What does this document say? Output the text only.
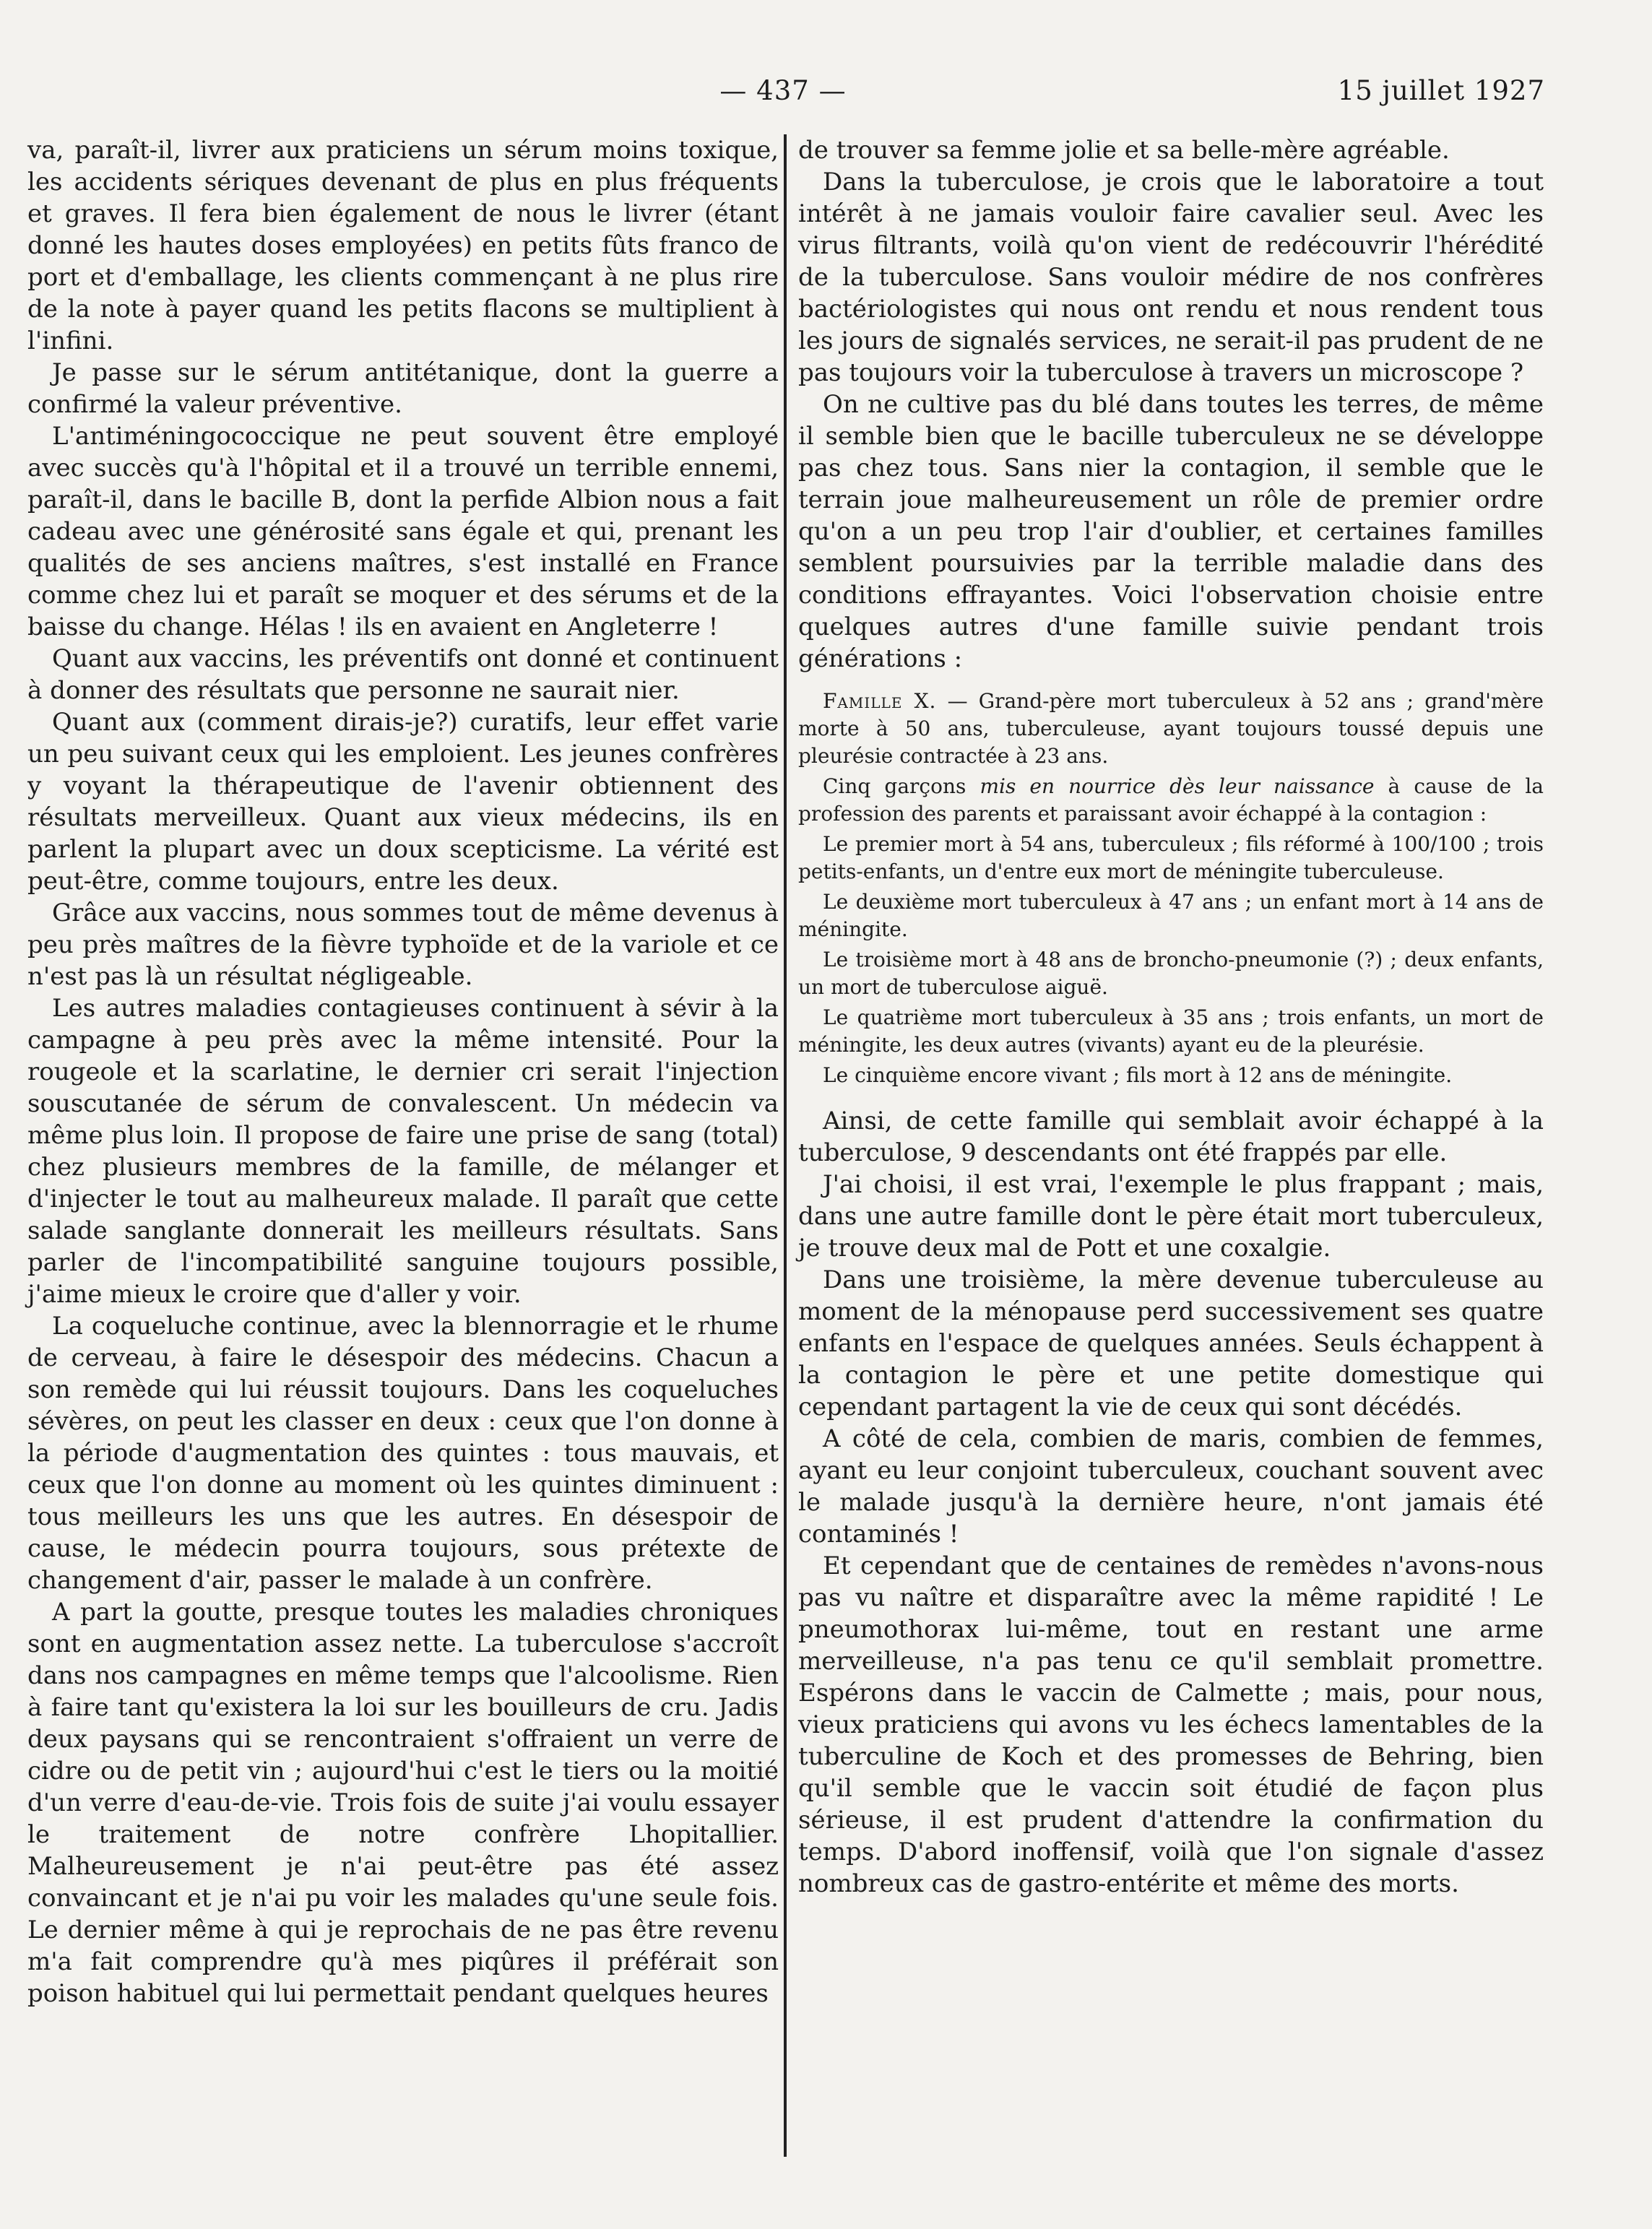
— 437 —	15 juillet 1927

va, paraît-il, livrer aux praticiens un sérum moins toxique, les accidents sériques devenant de plus en plus fréquents et graves. Il fera bien également de nous le livrer (étant donné les hautes doses employées) en petits fûts franco de port et d'emballage, les clients commençant à ne plus rire de la note à payer quand les petits flacons se multiplient à l'infini.

Je passe sur le sérum antitétanique, dont la guerre a confirmé la valeur préventive.

L'antiméningococcique ne peut souvent être employé avec succès qu'à l'hôpital et il a trouvé un terrible ennemi, paraît-il, dans le bacille B, dont la perfide Albion nous a fait cadeau avec une générosité sans égale et qui, prenant les qualités de ses anciens maîtres, s'est installé en France comme chez lui et paraît se moquer et des sérums et de la baisse du change. Hélas ! ils en avaient en Angleterre !

Quant aux vaccins, les préventifs ont donné et continuent à donner des résultats que personne ne saurait nier.

Quant aux (comment dirais-je?) curatifs, leur effet varie un peu suivant ceux qui les emploient. Les jeunes confrères y voyant la thérapeutique de l'avenir obtiennent des résultats merveilleux. Quant aux vieux médecins, ils en parlent la plupart avec un doux scepticisme. La vérité est peut-être, comme toujours, entre les deux.

Grâce aux vaccins, nous sommes tout de même devenus à peu près maîtres de la fièvre typhoïde et de la variole et ce n'est pas là un résultat négligeable.

Les autres maladies contagieuses continuent à sévir à la campagne à peu près avec la même intensité. Pour la rougeole et la scarlatine, le dernier cri serait l'injection souscutanée de sérum de convalescent. Un médecin va même plus loin. Il propose de faire une prise de sang (total) chez plusieurs membres de la famille, de mélanger et d'injecter le tout au malheureux malade. Il paraît que cette salade sanglante donnerait les meilleurs résultats. Sans parler de l'incompatibilité sanguine toujours possible, j'aime mieux le croire que d'aller y voir.

La coqueluche continue, avec la blennorragie et le rhume de cerveau, à faire le désespoir des médecins. Chacun a son remède qui lui réussit toujours. Dans les coqueluches sévères, on peut les classer en deux : ceux que l'on donne à la période d'augmentation des quintes : tous mauvais, et ceux que l'on donne au moment où les quintes diminuent : tous meilleurs les uns que les autres. En désespoir de cause, le médecin pourra toujours, sous prétexte de changement d'air, passer le malade à un confrère.

A part la goutte, presque toutes les maladies chroniques sont en augmentation assez nette. La tuberculose s'accroît dans nos campagnes en même temps que l'alcoolisme. Rien à faire tant qu'existera la loi sur les bouilleurs de cru. Jadis deux paysans qui se rencontraient s'offraient un verre de cidre ou de petit vin ; aujourd'hui c'est le tiers ou la moitié d'un verre d'eau-de-vie. Trois fois de suite j'ai voulu essayer le traitement de notre confrère Lhopitallier. Malheureusement je n'ai peut-être pas été assez convaincant et je n'ai pu voir les malades qu'une seule fois. Le dernier même à qui je reprochais de ne pas être revenu m'a fait comprendre qu'à mes piqûres il préférait son poison habituel qui lui permettait pendant quelques heures

de trouver sa femme jolie et sa belle-mère agréable.

Dans la tuberculose, je crois que le laboratoire a tout intérêt à ne jamais vouloir faire cavalier seul. Avec les virus filtrants, voilà qu'on vient de redécouvrir l'hérédité de la tuberculose. Sans vouloir médire de nos confrères bactériologistes qui nous ont rendu et nous rendent tous les jours de signalés services, ne serait-il pas prudent de ne pas toujours voir la tuberculose à travers un microscope ?

On ne cultive pas du blé dans toutes les terres, de même il semble bien que le bacille tuberculeux ne se développe pas chez tous. Sans nier la contagion, il semble que le terrain joue malheureusement un rôle de premier ordre qu'on a un peu trop l'air d'oublier, et certaines familles semblent poursuivies par la terrible maladie dans des conditions effrayantes. Voici l'observation choisie entre quelques autres d'une famille suivie pendant trois générations :

Famille X. — Grand-père mort tuberculeux à 52 ans ; grand'mère morte à 50 ans, tuberculeuse, ayant toujours toussé depuis une pleurésie contractée à 23 ans.

Cinq garçons mis en nourrice dès leur naissance à cause de la profession des parents et paraissant avoir échappé à la contagion :

Le premier mort à 54 ans, tuberculeux ; fils réformé à 100/100 ; trois petits-enfants, un d'entre eux mort de méningite tuberculeuse.

Le deuxième mort tuberculeux à 47 ans ; un enfant mort à 14 ans de méningite.

Le troisième mort à 48 ans de broncho-pneumonie (?) ; deux enfants, un mort de tuberculose aiguë.

Le quatrième mort tuberculeux à 35 ans ; trois enfants, un mort de méningite, les deux autres (vivants) ayant eu de la pleurésie.

Le cinquième encore vivant ; fils mort à 12 ans de méningite.

Ainsi, de cette famille qui semblait avoir échappé à la tuberculose, 9 descendants ont été frappés par elle.

J'ai choisi, il est vrai, l'exemple le plus frappant ; mais, dans une autre famille dont le père était mort tuberculeux, je trouve deux mal de Pott et une coxalgie.

Dans une troisième, la mère devenue tuberculeuse au moment de la ménopause perd successivement ses quatre enfants en l'espace de quelques années. Seuls échappent à la contagion le père et une petite domestique qui cependant partagent la vie de ceux qui sont décédés.

A côté de cela, combien de maris, combien de femmes, ayant eu leur conjoint tuberculeux, couchant souvent avec le malade jusqu'à la dernière heure, n'ont jamais été contaminés !

Et cependant que de centaines de remèdes n'avons-nous pas vu naître et disparaître avec la même rapidité ! Le pneumothorax lui-même, tout en restant une arme merveilleuse, n'a pas tenu ce qu'il semblait promettre. Espérons dans le vaccin de Calmette ; mais, pour nous, vieux praticiens qui avons vu les échecs lamentables de la tuberculine de Koch et des promesses de Behring, bien qu'il semble que le vaccin soit étudié de façon plus sérieuse, il est prudent d'attendre la confirmation du temps. D'abord inoffensif, voilà que l'on signale d'assez nombreux cas de gastro-entérite et même des morts.
